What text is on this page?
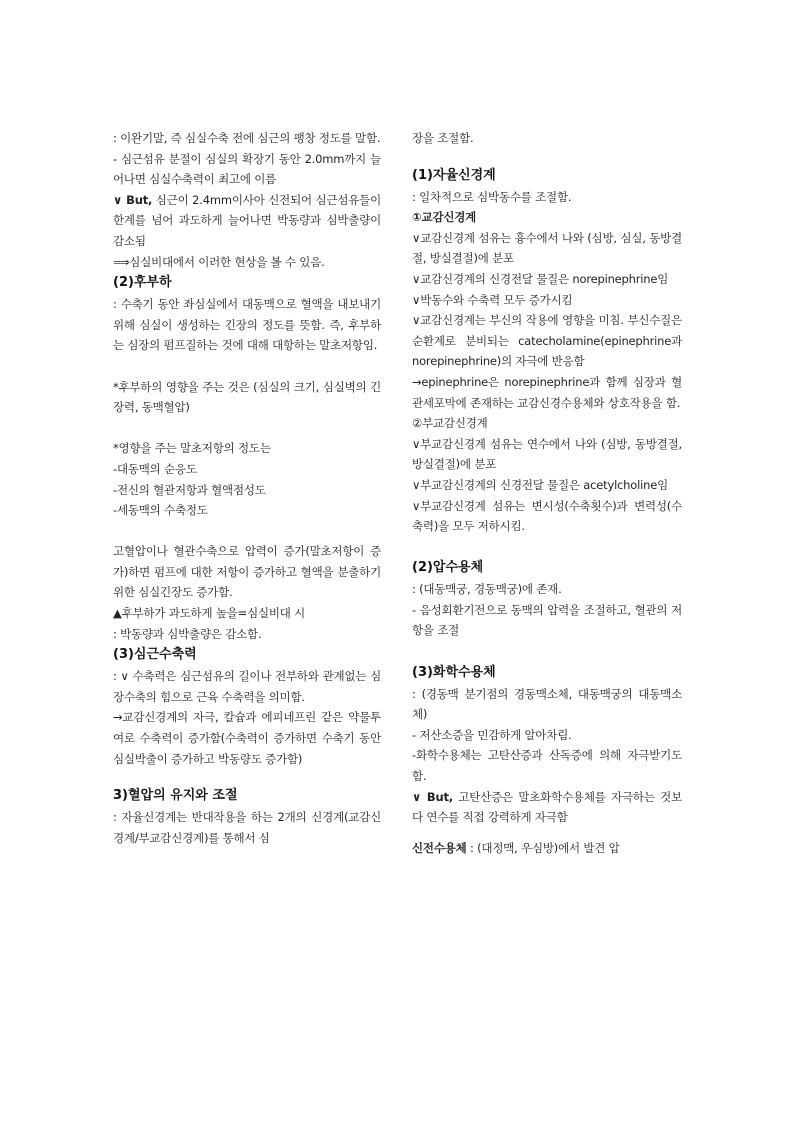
: 이완기말, 즉 심실수축 전에 심근의 팽창 정도를 말함.

- 심근섬유 분절이 심실의 확장기 동안 2.0mm까지 늘어나면 심실수축력이 최고에 이름

∨ But, 심근이 2.4mm이사아 신전되어 심근섬유들이 한계를 넘어 과도하게 늘어나면 박동량과 심박출량이 감소됨

⟹심실비대에서 이러한 현상을 볼 수 있음.

(2)후부하

: 수축기 동안 좌심실에서 대동맥으로 혈액을 내보내기 위해 심실이 생성하는 긴장의 정도를 뜻함. 즉, 후부하는 심장의 펌프질하는 것에 대해 대항하는 말초저항임.

*후부하의 영향을 주는 것은 (심실의 크기, 심실벽의 긴장력, 동맥혈압)

*영향을 주는 말초저항의 정도는

-대동맥의 순응도

-전신의 혈관저항과 혈액점성도

-세동맥의 수축정도

고혈압이나 혈관수축으로 압력이 증가(말초저항이 증가)하면 펌프에 대한 저항이 증가하고 혈액을 분출하기 위한 심실긴장도 증가함.

▲후부하가 과도하게 높을=심실비대 시

: 박동량과 심박출량은 감소함.

(3)심근수축력

: ∨ 수축력은 심근섬유의 길이나 전부하와 관계없는 심장수축의 힘으로 근육 수축력을 의미함.

→교감신경계의 자극, 칼슘과 에피네프린 같은 약물투여로 수축력이 증가함(수축력이 증가하면 수축기 동안 심실박출이 증가하고 박동량도 증가함)

3)혈압의 유지와 조절

: 자율신경계는 반대작용을 하는 2개의 신경계(교감신경계/부교감신경계)를 통해서 심

장을 조절함.

(1)자율신경계

: 일차적으로 심박동수를 조절함.

①교감신경계

∨교감신경계 섬유는 흉수에서 나와 (심방, 심실, 동방결절, 방실결절)에 분포

∨교감신경계의 신경전달 물질은 norepinephrine임

∨박동수와 수축력 모두 증가시킴

∨교감신경계는 부신의 작용에 영향을 미침. 부신수질은 순환계로 분비되는 catecholamine(epinephrine과 norepinephrine)의 자극에 반응함

→epinephrine은 norepinephrine과 함께 심장과 혈관세포막에 존재하는 교감신경수용체와 상호작용을 함.

②부교감신경계

∨부교감신경계 섬유는 연수에서 나와 (심방, 동방결절, 방실결절)에 분포

∨부교감신경계의 신경전달 물질은 acetylcholine임

∨부교감신경계 섬유는 변시성(수축횟수)과 변력성(수축력)을 모두 저하시킴.

(2)압수용체

: (대동맥궁, 경동맥궁)에 존재.

- 음성회환기전으로 동맥의 압력을 조절하고, 혈관의 저항을 조절

(3)화학수용체

: (경동맥 분기점의 경동맥소체, 대동맥궁의 대동맥소체)

- 저산소증을 민감하게 알아차림.

-화학수용체는 고탄산증과 산독증에 의해 자극받기도 함.

∨ But, 고탄산증은 말초화학수용체를 자극하는 것보다 연수를 직접 강력하게 자극함

신전수용체 : (대정맥, 우심방)에서 발견 압
